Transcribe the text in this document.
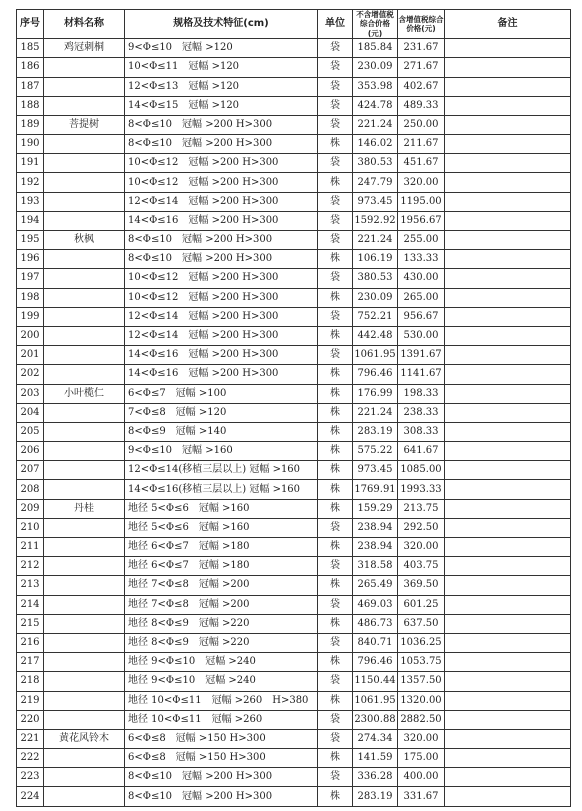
序号	材料名称	规格及技术特征(cm)	单位	不含增值税综合价格(元)	含增值税综合价格(元)	备注
185	鸡冠刺桐	9<Φ≤10　冠幅 >120	袋	185.84	231.67	
186		10<Φ≤11　冠幅 >120	袋	230.09	271.67	
187		12<Φ≤13　冠幅 >120	袋	353.98	402.67	
188		14<Φ≤15　冠幅 >120	袋	424.78	489.33	
189	菩提树	8<Φ≤10　冠幅 >200 H>300	袋	221.24	250.00	
190		8<Φ≤10　冠幅 >200 H>300	株	146.02	211.67	
191		10<Φ≤12　冠幅 >200 H>300	袋	380.53	451.67	
192		10<Φ≤12　冠幅 >200 H>300	株	247.79	320.00	
193		12<Φ≤14　冠幅 >200 H>300	袋	973.45	1195.00	
194		14<Φ≤16　冠幅 >200 H>300	袋	1592.92	1956.67	
195	秋枫	8<Φ≤10　冠幅 >200 H>300	袋	221.24	255.00	
196		8<Φ≤10　冠幅 >200 H>300	株	106.19	133.33	
197		10<Φ≤12　冠幅 >200 H>300	袋	380.53	430.00	
198		10<Φ≤12　冠幅 >200 H>300	株	230.09	265.00	
199		12<Φ≤14　冠幅 >200 H>300	袋	752.21	956.67	
200		12<Φ≤14　冠幅 >200 H>300	株	442.48	530.00	
201		14<Φ≤16　冠幅 >200 H>300	袋	1061.95	1391.67	
202		14<Φ≤16　冠幅 >200 H>300	株	796.46	1141.67	
203	小叶榄仁	6<Φ≤7　冠幅 >100	株	176.99	198.33	
204		7<Φ≤8　冠幅 >120	株	221.24	238.33	
205		8<Φ≤9　冠幅 >140	株	283.19	308.33	
206		9<Φ≤10　冠幅 >160	株	575.22	641.67	
207		12<Φ≤14(移植三层以上) 冠幅 >160	株	973.45	1085.00	
208		14<Φ≤16(移植三层以上) 冠幅 >160	株	1769.91	1993.33	
209	丹桂	地径 5<Φ≤6　冠幅 >160	株	159.29	213.75	
210		地径 5<Φ≤6　冠幅 >160	袋	238.94	292.50	
211		地径 6<Φ≤7　冠幅 >180	株	238.94	320.00	
212		地径 6<Φ≤7　冠幅 >180	袋	318.58	403.75	
213		地径 7<Φ≤8　冠幅 >200	株	265.49	369.50	
214		地径 7<Φ≤8　冠幅 >200	袋	469.03	601.25	
215		地径 8<Φ≤9　冠幅 >220	株	486.73	637.50	
216		地径 8<Φ≤9　冠幅 >220	袋	840.71	1036.25	
217		地径 9<Φ≤10　冠幅 >240	株	796.46	1053.75	
218		地径 9<Φ≤10　冠幅 >240	袋	1150.44	1357.50	
219		地径 10<Φ≤11　冠幅 >260　H>380	株	1061.95	1320.00	
220		地径 10<Φ≤11　冠幅 >260	袋	2300.88	2882.50	
221	黄花风铃木	6<Φ≤8　冠幅 >150 H>300	袋	274.34	320.00	
222		6<Φ≤8　冠幅 >150 H>300	株	141.59	175.00	
223		8<Φ≤10　冠幅 >200 H>300	袋	336.28	400.00	
224		8<Φ≤10　冠幅 >200 H>300	株	283.19	331.67	
